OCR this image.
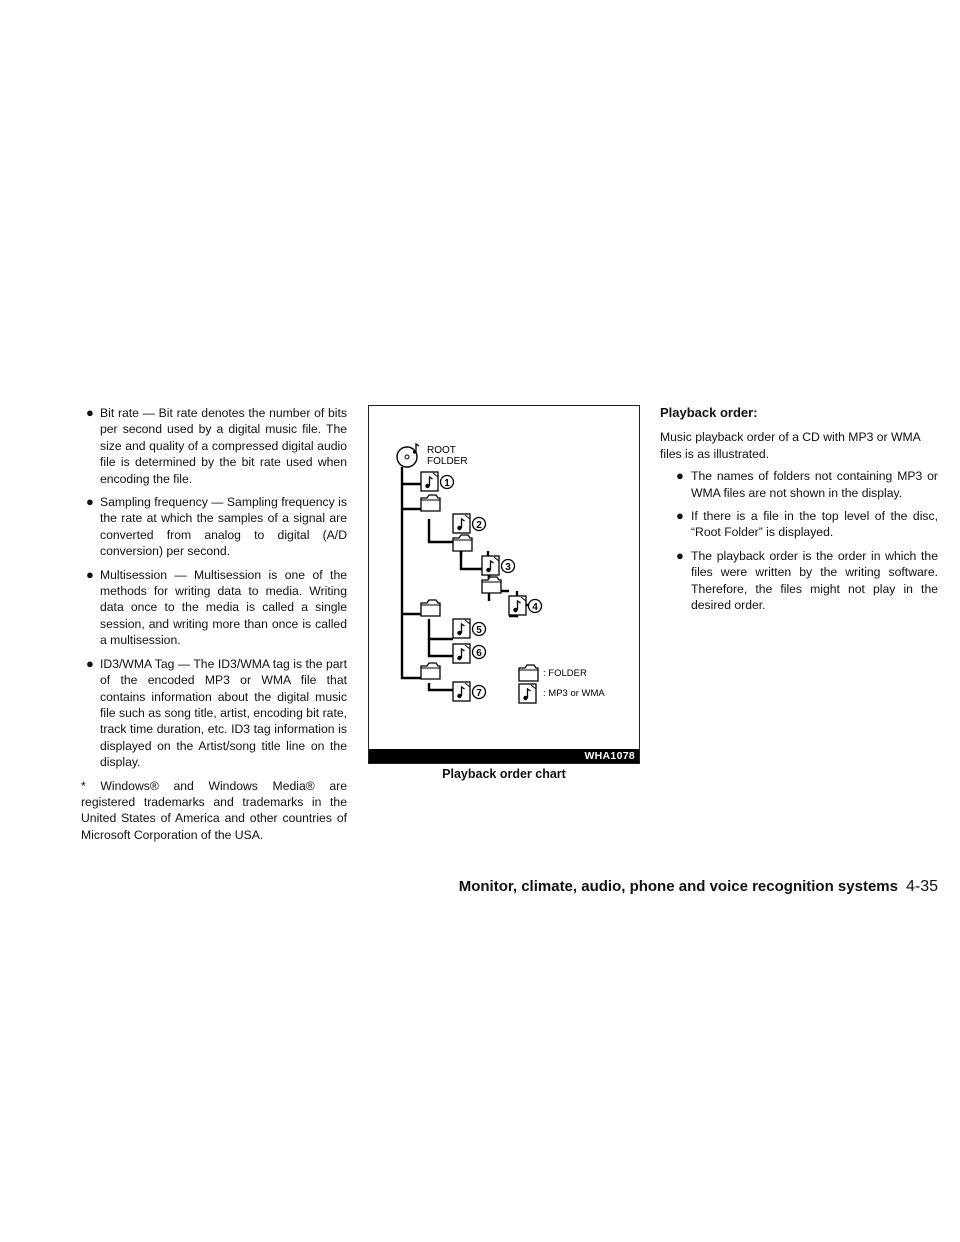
● Bit rate — Bit rate denotes the number of bits per second used by a digital music file. The size and quality of a compressed digital audio file is determined by the bit rate used when encoding the file.
● Sampling frequency — Sampling frequency is the rate at which the samples of a signal are converted from analog to digital (A/D conversion) per second.
● Multisession — Multisession is one of the methods for writing data to media. Writing data once to the media is called a single session, and writing more than once is called a multisession.
● ID3/WMA Tag — The ID3/WMA tag is the part of the encoded MP3 or WMA file that contains information about the digital music file such as song title, artist, encoding bit rate, track time duration, etc. ID3 tag information is displayed on the Artist/song title line on the display.

* Windows® and Windows Media® are registered trademarks and trademarks in the United States of America and other countries of Microsoft Corporation of the USA.

ROOT
FOLDER
1
2
3
4
5
6
7
: FOLDER
: MP3 or WMA
WHA1078
Playback order chart

Playback order:

Music playback order of a CD with MP3 or WMA files is as illustrated.

● The names of folders not containing MP3 or WMA files are not shown in the display.
● If there is a file in the top level of the disc, “Root Folder” is displayed.
● The playback order is the order in which the files were written by the writing software. Therefore, the files might not play in the desired order.
Monitor, climate, audio, phone and voice recognition systems 4-35
